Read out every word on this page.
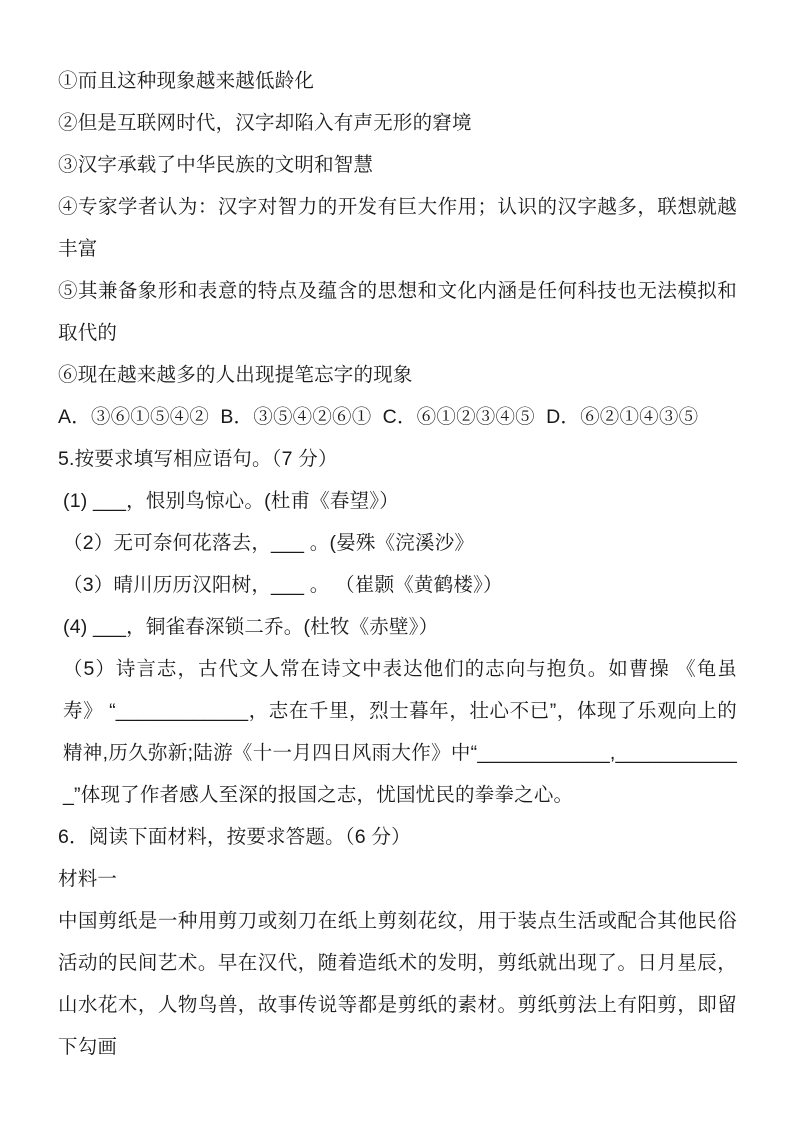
①而且这种现象越来越低龄化

②但是互联网时代，汉字却陷入有声无形的窘境

③汉字承载了中华民族的文明和智慧

④专家学者认为：汉字对智力的开发有巨大作用；认识的汉字越多，联想就越丰富

⑤其兼备象形和表意的特点及蕴含的思想和文化内涵是任何科技也无法模拟和取代的

⑥现在越来越多的人出现提笔忘字的现象

A．③⑥①⑤④②  B．③⑤④②⑥①  C．⑥①②③④⑤  D．⑥②①④③⑤

5.按要求填写相应语句。（7 分）

(1) ___，恨别鸟惊心。(杜甫《春望》）

（2）无可奈何花落去，___ 。(晏殊《浣溪沙》

（3）晴川历历汉阳树，___ 。 （崔颢《黄鹤楼》）

(4) ___，铜雀春深锁二乔。(杜牧《赤壁》）

（5）诗言志，古代文人常在诗文中表达他们的志向与抱负。如曹操 《龟虽寿》 “____________，志在千里，烈士暮年，壮心不已”，体现了乐观向上的精神,历久弥新;陆游《十一月四日风雨大作》中“____________,____________”体现了作者感人至深的报国之志，忧国忧民的拳拳之心。

6．阅读下面材料，按要求答题。（6 分）

材料一

中国剪纸是一种用剪刀或刻刀在纸上剪刻花纹，用于装点生活或配合其他民俗活动的民间艺术。早在汉代，随着造纸术的发明，剪纸就出现了。日月星辰，山水花木，人物鸟兽，故事传说等都是剪纸的素材。剪纸剪法上有阳剪，即留下勾画
